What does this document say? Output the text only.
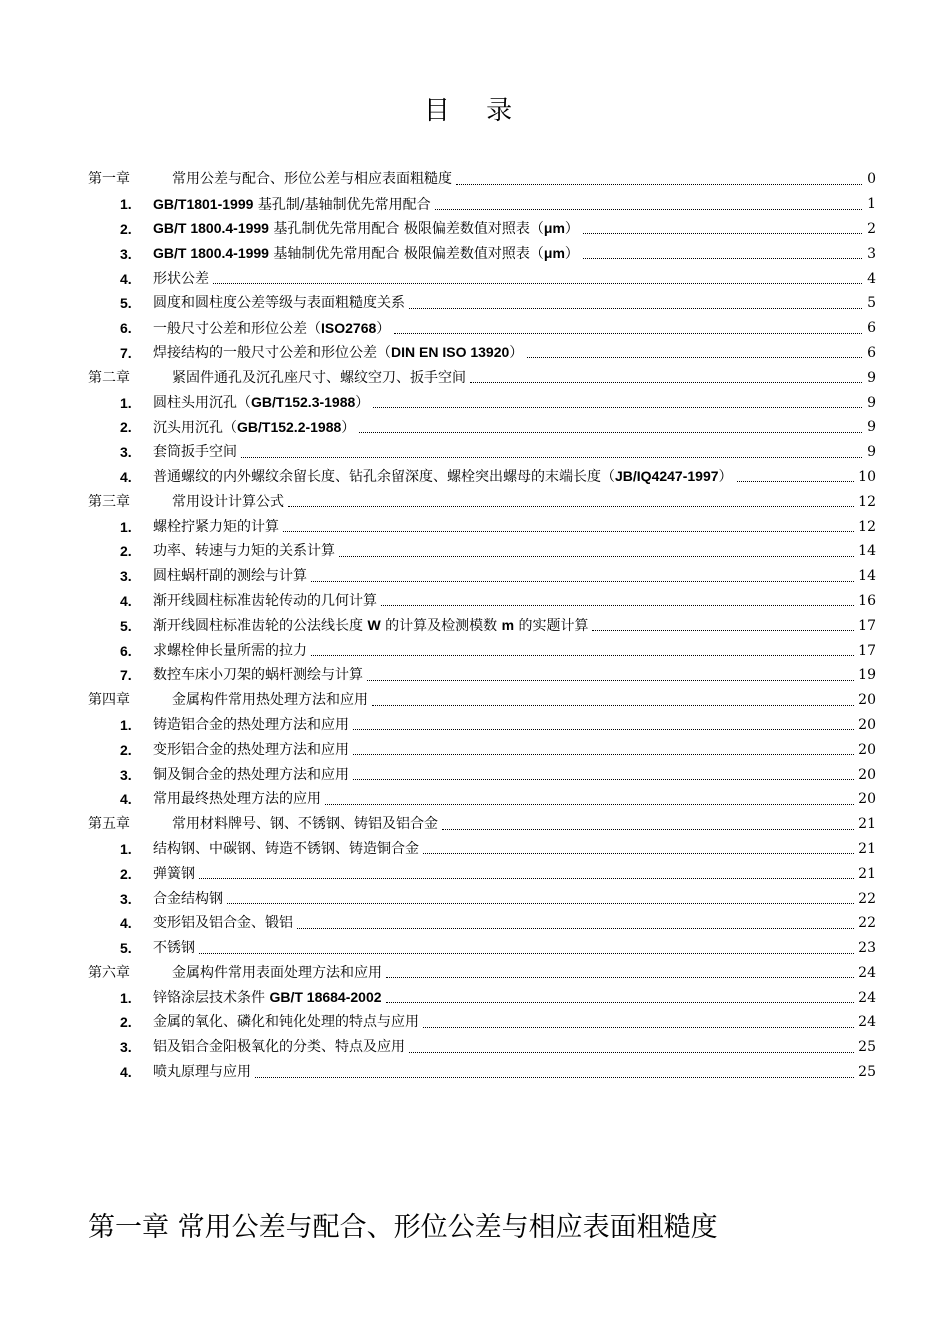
目 录
第一章	常用公差与配合、形位公差与相应表面粗糙度	0
1.	GB/T1801-1999 基孔制/基轴制优先常用配合	1
2.	GB/T 1800.4-1999 基孔制优先常用配合 极限偏差数值对照表（μm）	2
3.	GB/T 1800.4-1999 基轴制优先常用配合 极限偏差数值对照表（μm）	3
4.	形状公差	4
5.	圆度和圆柱度公差等级与表面粗糙度关系	5
6.	一般尺寸公差和形位公差（ISO2768）	6
7.	焊接结构的一般尺寸公差和形位公差（DIN EN ISO 13920）	6
第二章	紧固件通孔及沉孔座尺寸、螺纹空刀、扳手空间	9
1.	圆柱头用沉孔（GB/T152.3-1988）	9
2.	沉头用沉孔（GB/T152.2-1988）	9
3.	套筒扳手空间	9
4.	普通螺纹的内外螺纹余留长度、钻孔余留深度、螺栓突出螺母的末端长度（JB/IQ4247-1997）	10
第三章	常用设计计算公式	12
1.	螺栓拧紧力矩的计算	12
2.	功率、转速与力矩的关系计算	14
3.	圆柱蜗杆副的测绘与计算	14
4.	渐开线圆柱标准齿轮传动的几何计算	16
5.	渐开线圆柱标准齿轮的公法线长度 W 的计算及检测模数 m 的实题计算	17
6.	求螺栓伸长量所需的拉力	17
7.	数控车床小刀架的蜗杆测绘与计算	19
第四章	金属构件常用热处理方法和应用	20
1.	铸造铝合金的热处理方法和应用	20
2.	变形铝合金的热处理方法和应用	20
3.	铜及铜合金的热处理方法和应用	20
4.	常用最终热处理方法的应用	20
第五章	常用材料牌号、钢、不锈钢、铸铝及铝合金	21
1.	结构钢、中碳钢、铸造不锈钢、铸造铜合金	21
2.	弹簧钢	21
3.	合金结构钢	22
4.	变形铝及铝合金、锻铝	22
5.	不锈钢	23
第六章	金属构件常用表面处理方法和应用	24
1.	锌铬涂层技术条件 GB/T 18684-2002	24
2.	金属的氧化、磷化和钝化处理的特点与应用	24
3.	铝及铝合金阳极氧化的分类、特点及应用	25
4.	喷丸原理与应用	25
第一章 常用公差与配合、形位公差与相应表面粗糙度
